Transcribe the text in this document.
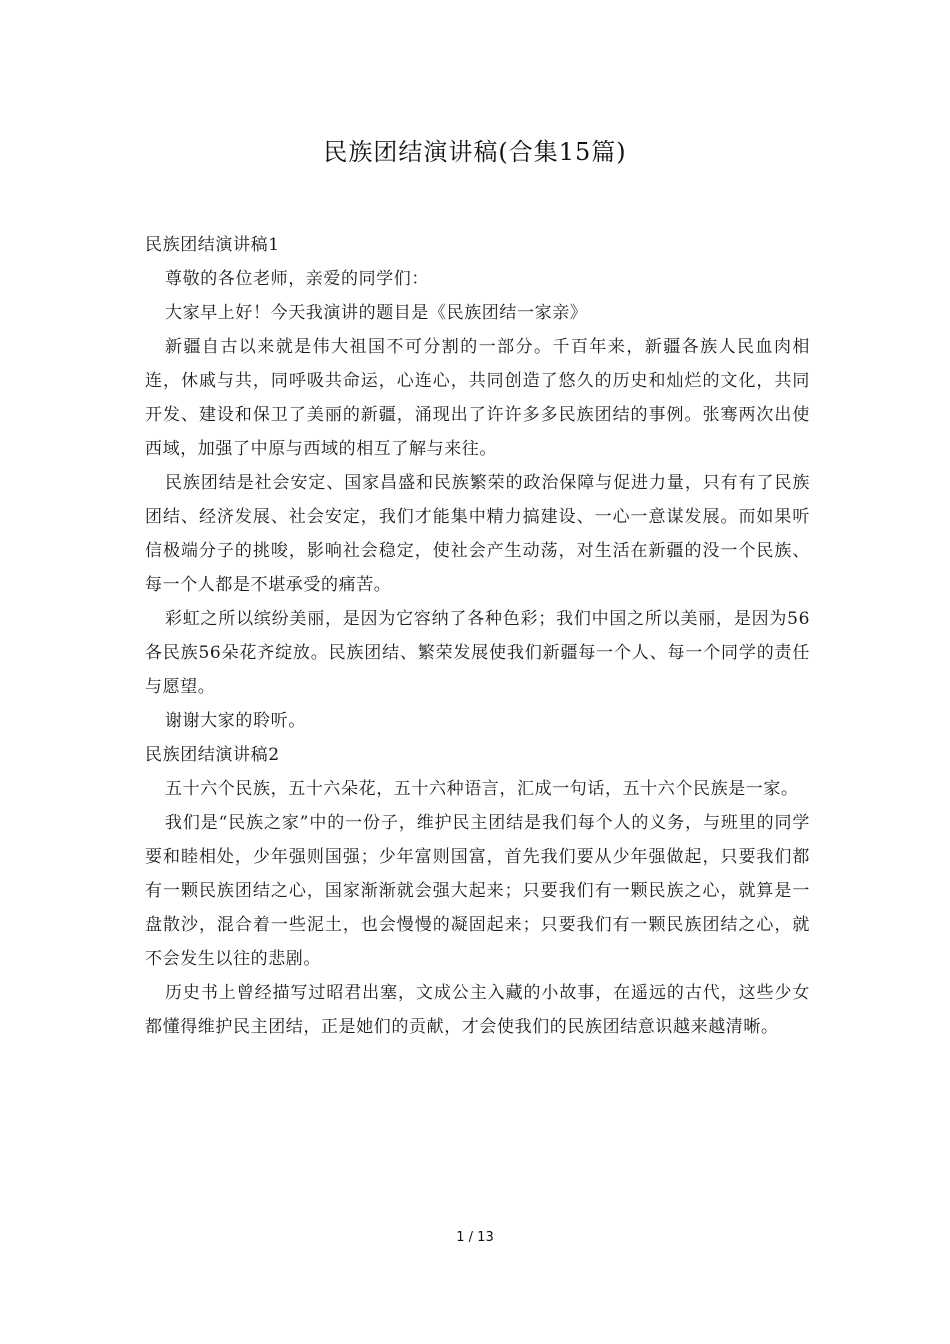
民族团结演讲稿(合集15篇)

民族团结演讲稿1

尊敬的各位老师，亲爱的同学们：

大家早上好！今天我演讲的题目是《民族团结一家亲》

新疆自古以来就是伟大祖国不可分割的一部分。千百年来，新疆各族人民血肉相连，休戚与共，同呼吸共命运，心连心，共同创造了悠久的历史和灿烂的文化，共同开发、建设和保卫了美丽的新疆，涌现出了许许多多民族团结的事例。张骞两次出使西域，加强了中原与西域的相互了解与来往。

民族团结是社会安定、国家昌盛和民族繁荣的政治保障与促进力量，只有有了民族团结、经济发展、社会安定，我们才能集中精力搞建设、一心一意谋发展。而如果听信极端分子的挑唆，影响社会稳定，使社会产生动荡，对生活在新疆的没一个民族、每一个人都是不堪承受的痛苦。

彩虹之所以缤纷美丽，是因为它容纳了各种色彩；我们中国之所以美丽，是因为56各民族56朵花齐绽放。民族团结、繁荣发展使我们新疆每一个人、每一个同学的责任与愿望。

谢谢大家的聆听。

民族团结演讲稿2

五十六个民族，五十六朵花，五十六种语言，汇成一句话，五十六个民族是一家。

我们是“民族之家”中的一份子，维护民主团结是我们每个人的义务，与班里的同学要和睦相处，少年强则国强；少年富则国富，首先我们要从少年强做起，只要我们都有一颗民族团结之心，国家渐渐就会强大起来；只要我们有一颗民族之心，就算是一盘散沙，混合着一些泥土，也会慢慢的凝固起来；只要我们有一颗民族团结之心，就不会发生以往的悲剧。

历史书上曾经描写过昭君出塞，文成公主入藏的小故事，在遥远的古代，这些少女都懂得维护民主团结，正是她们的贡献，才会使我们的民族团结意识越来越清晰。

1 / 13
